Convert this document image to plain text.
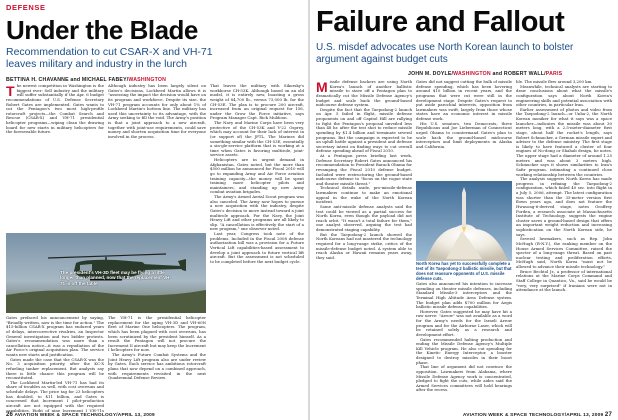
DEFENSE
Under the Blade
Recommendation to cut CSAR-X and VH-71 leaves military and industry in the lurch
BETTINA H. CHAVANNE and MICHAEL FABEY/WASHINGTON

The newest competition in Washington is the biggest ever: Sell industry and the military will suffer substantially if the Apr. 6 budget recommendations of U.S. Defense Secretary Robert Gates are implemented. Gates wants to cut the Pentagon's two most high-profile rotorcraft projects—the Combat Search and Rescue (CSAR-X) and VH-71 presidential helicopter programs—wiping clean the drawing board for new starts in military helicopters for the foreseeable future.

Although industry has been largely silent on Gates's decisions, Lockheed Martin allows it is "assessing the impact the decision would have on its program and workforce. Despite its size, the VH-71 program accounts for only about 1% of Lockheed Martin's bottom line. The military has used this uncertainty to its advantage, with the Army seeking to fill the void. The Army's position is that a joint approach to a new aircraft, together with joint-use requirements, could save money and shorten acquisition time for everyone involved in the process.

That leaves the military with Sikorsky's workhorse CH-53K. Although based on an old model, it is entirely new, boasting a gross weight of 84,700 lb., versus 73,000 lb. for the CH-53E. The plan is to procure 200 aircraft, increased from an original request for 156, under the Grow the Force initiative, says Program Manager Capt. Rick Muldoon.

The Navy and Marine Corps have been very protective of the CH-53K and V-22 Osprey, which may account for their lack of interest in (or support of) the JFTL. The Marines did something similar with the CH-53E, essentially a sin-gle-service platform that is working at a time when Gates is favoring multirole, joint-service assets.

Helicopters are in urgent demand in Afghanistan, Gates noted, but the more than $500 million he announced for Fiscal 2010 will go to expanding Army and Air Force aviation training capacity—the money will be spent training more helicopter pilots and maintainers, and standing up new Army combat aviation brigades.

The Army's Armed Aerial Scout program was also canceled. The Army now hopes to pursue a new acquisition with the industry, despite Gates's decision to move instead toward a joint multirole approach. For the Navy, the Joint Heavy Lift and other programs are all likely to slip. "A cancellation is effectively the start of a new program," one observer noted.

Last year, Congress took note of the problems. Included in the Fiscal 2008 defense authorization bill was a provision for a Future Vertical Lift capabilities-based assessment to develop a joint approach to future vertical lift aircraft. But the assessment is not scheduled to be completed before the next budget cycle.

The president's VH-3D fleet may be flying a little longer than planned, now that the replacement VH-71 is off the table.

Gates prefaced his announcement by saying, "Broadly written, now is the time for action." The $15-billion CSAR-X program has endured years of delays, intercorrective rivalries, an Inspector General investigation and two bidder protests. Gates's recommendation was more than a cancellation notice—it was a repudiation of the Air Force's original acquisition plan. The service wants new starts and justification.

Gates made the case that the CSAR-X was the No. 3 acquisition priority, after the KC-X refueling tanker replacement. But analysts say there is little chance this program will be reconstituted.

The Lockheed Martin-led VH-71 has had its share of troubles as well, with cost overruns and schedule delays. The price tag for 23 helicopters has doubled, to $11 billion, and Gates is concerned that Increment I pilot-production aircraft are not equipped with the required capabilities. Eight of nine Increment I VH-71s

The VH-71 is the presidential helicopter replacement for the aging VH-3D and VH-60N fleet of Marine One helicopters. The program, which has been plagued with cost overruns, has been scrutinized by the president himself. As a result the Pentagon will not procure the Increment II aircraft but may keep the Increment I helicopters for now.

The Army's Future Combat Systems and the Joint Heavy Lift program also are under review by Gates. Each service has ambitious rotorcraft plans that now depend on a combined approach, with requirements revisited in the next Quadrennial Defense Review.

26 AVIATION WEEK & SPACE TECHNOLOGY/APRIL 13, 2009
Failure and Fallout
U.S. misdef advocates use North Korean launch to bolster argument against budget cuts
JOHN M. DOYLE/WASHINGTON and ROBERT WALL/PARIS

Missile defense backers are using North Korea's launch of another ballistic missile to stave off a Pentagon plan to dramatically cut the Missile Defense Agency's budget and scale back the ground-based midcourse defense system.

Despite the fact that the Taepodong-2 launch on Apr. 5 failed in flight, missile defense proponents on and off Capitol Hill are rallying to fight the Pentagon's proposal unveiled less than 48 hr. after the test shot to reduce missile spending by $1.4 billion and terminate several programs. But the campaign is expected to be an uphill battle against a president and defense secretary intent on finding ways to cut overall defense spending ahead of Fiscal 2010.

At a Pentagon press briefing last week, Defense Secretary Robert Gates announced his recommendation to President Barack Obama for revamping the Fiscal 2010 defense budget. Included were restructuring the ground-based midcourse defense to "focus on the rogue state and theater missile threat."

Technical details aside, pro-missile-defense lawmakers continue to make an emotional appeal in the wake of the North Korean incident.

Some anti-missile defense analysts said the test could be viewed as a partial success for North Korea, even though the payload did not reach orbit. "It wasn't a total failure for them," one analyst observed, arguing the test had demonstrated staging capability.

But the Taepodong-2 launch showed the North Koreans had not mastered the technology required for a long-range strike, critics of the missile-defense budget noted. A system able to reach Alaska or Hawaii remains years away, they said.

Gates did not suggest cutting the bulk of missile defense spending, which has been hovering around $10 billion in recent years, and the programs that were cut were still in the development stage. Despite Gates's request to put aside parochial interests, opposition from lawmakers was swift, largely from those whose states have an economic interest in missile defense work.

His U.S. senators, two Democrats, three Republicans and Joe Lieberman of Connecticut urged Obama to countermand Gates's plan to scale back the ground-based midcourse interceptors and limit deployments in Alaska and California.

North Korea has yet to successfully complete a test of its Taepodong-2 ballistic missile, but that does not reassure opponents of U.S. missile defense cuts.

Gates also announced his intention to increase spending on theater missile defenses, including Standard Missile-3 interceptors and the Terminal High Altitude Area Defense system. The budget plan adds $700 million for Aegis ballistic missile defense capabilities.

However, Gates suggested he may have hit a raw nerve: "Arrow" was not available as a word for the Army's needs for the Israeli Arrow program and for the Airborne Laser, which will be retained solely as a research and development effort.

Gates recommended halting production and ending the Missile Defense Agency's Multiple Kill Vehicle program. He also cut spending for the Kinetic Energy Interceptor, a booster designed to destroy missiles in their boost phase.

That line of argument did not convince the opposition. Lawmakers from Alabama, where Missile Defense Agency work is concentrated, pledged to fight the cuts, while aides said the Armed Services committees will hold hearings after the recess.

ble. The missile flew around 3,200 km.

Meanwhile, technical analysts are starting to draw conclusions about what the missile's configuration says about North Korea's engineering skills and potential association with other countries, in particular Iran.

Earlier assessment of photos and video from the Taepodong-2 launch—or Unha-2, the North Korean moniker for what it says was a space launcher—indicates the missile was about 30 meters long, with a 2.5-meter-diameter first stage, about half the rocket's length, says Robert Schmucker, a German missile expert and adviser to the defense ministry. The first stage is likely to have featured a cluster of four engines of No-dong or Shahab design, he notes. The upper stage had a diameter of around 1.25 meters and was about 3 meters high. Schmucker says it shows similarities to Iran's Safir program, intimating a continued close working relationship between the countries.

The analysis suggests North Korea has made progress in refining the Taepodong-2 configuration, which failed 40 sec. into flight in a July 5, 2006, attempt. The latest configuration was shorter than the 35-meter version first flown years ago, and does not feature the Hwasong-6-derived stage, notes Geoffrey Forden, a research associate at Massachusetts Institute of Technology, suggests the engine cluster saves a ground-based design that offers an important weight reduction and increasing sophistication on the North Korean side, he says.

Several lawmakers, such as Rep. John McHugh (R-N.Y.), the ranking member on the House Armed Services Committee, raised the specter of a long-range threat. Based on past nuclear testing and proliferation efforts, McHugh said, North Korea "must not be allowed to advance their missile technology."

Bruce Bechtol Jr., a professor of international relations at the Marine Corps Command and Staff College in Quantico, Va., said he would be "very, very surprised" if Iranians were not in attendance at the launch.

AVIATION WEEK & SPACE TECHNOLOGY/APRIL 13, 2009 27
